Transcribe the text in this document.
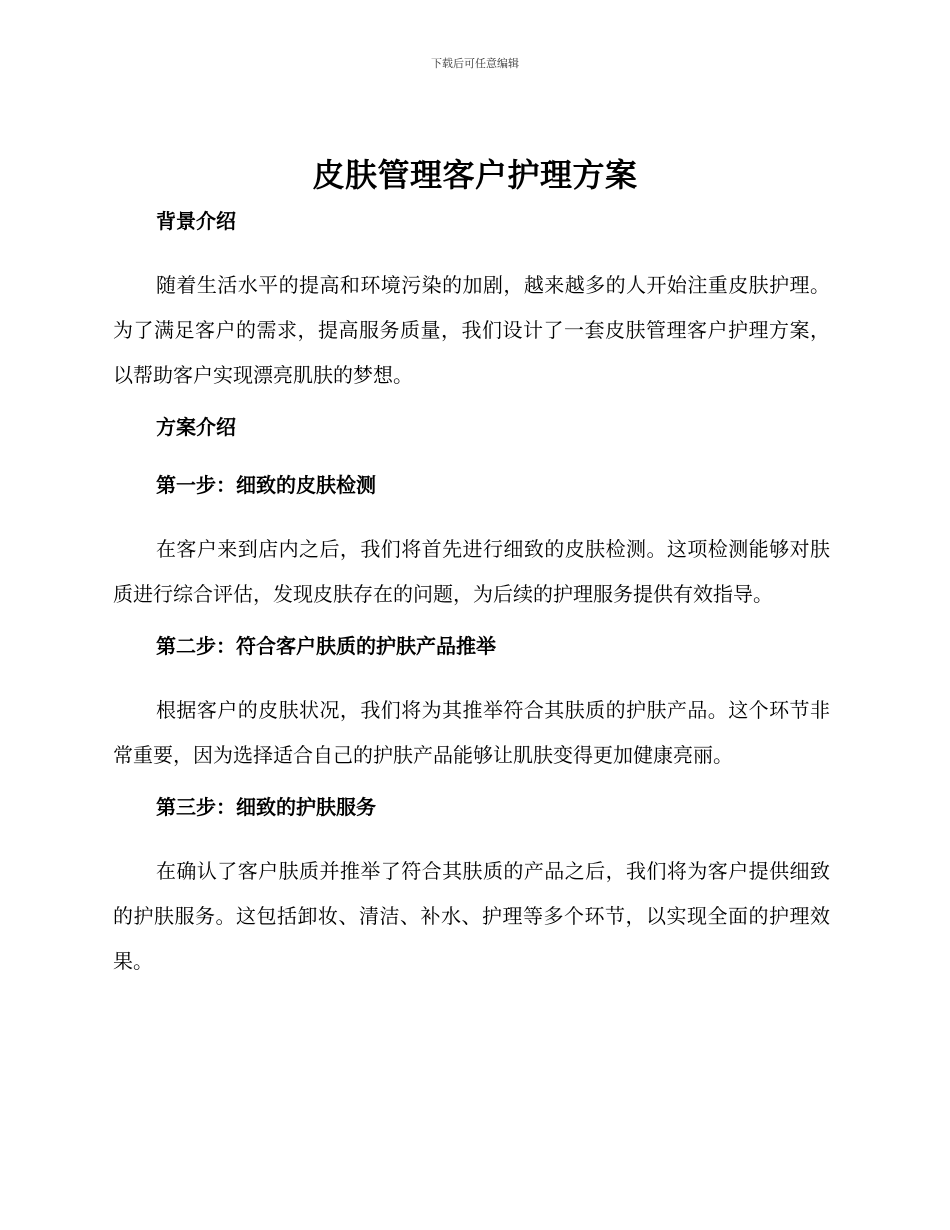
下载后可任意编辑
皮肤管理客户护理方案
背景介绍

随着生活水平的提高和环境污染的加剧，越来越多的人开始注重皮肤护理。为了满足客户的需求，提高服务质量，我们设计了一套皮肤管理客户护理方案，以帮助客户实现漂亮肌肤的梦想。

方案介绍
第一步：细致的皮肤检测

在客户来到店内之后，我们将首先进行细致的皮肤检测。这项检测能够对肤质进行综合评估，发现皮肤存在的问题，为后续的护理服务提供有效指导。

第二步：符合客户肤质的护肤产品推举

根据客户的皮肤状况，我们将为其推举符合其肤质的护肤产品。这个环节非常重要，因为选择适合自己的护肤产品能够让肌肤变得更加健康亮丽。

第三步：细致的护肤服务

在确认了客户肤质并推举了符合其肤质的产品之后，我们将为客户提供细致的护肤服务。这包括卸妆、清洁、补水、护理等多个环节，以实现全面的护理效果。
